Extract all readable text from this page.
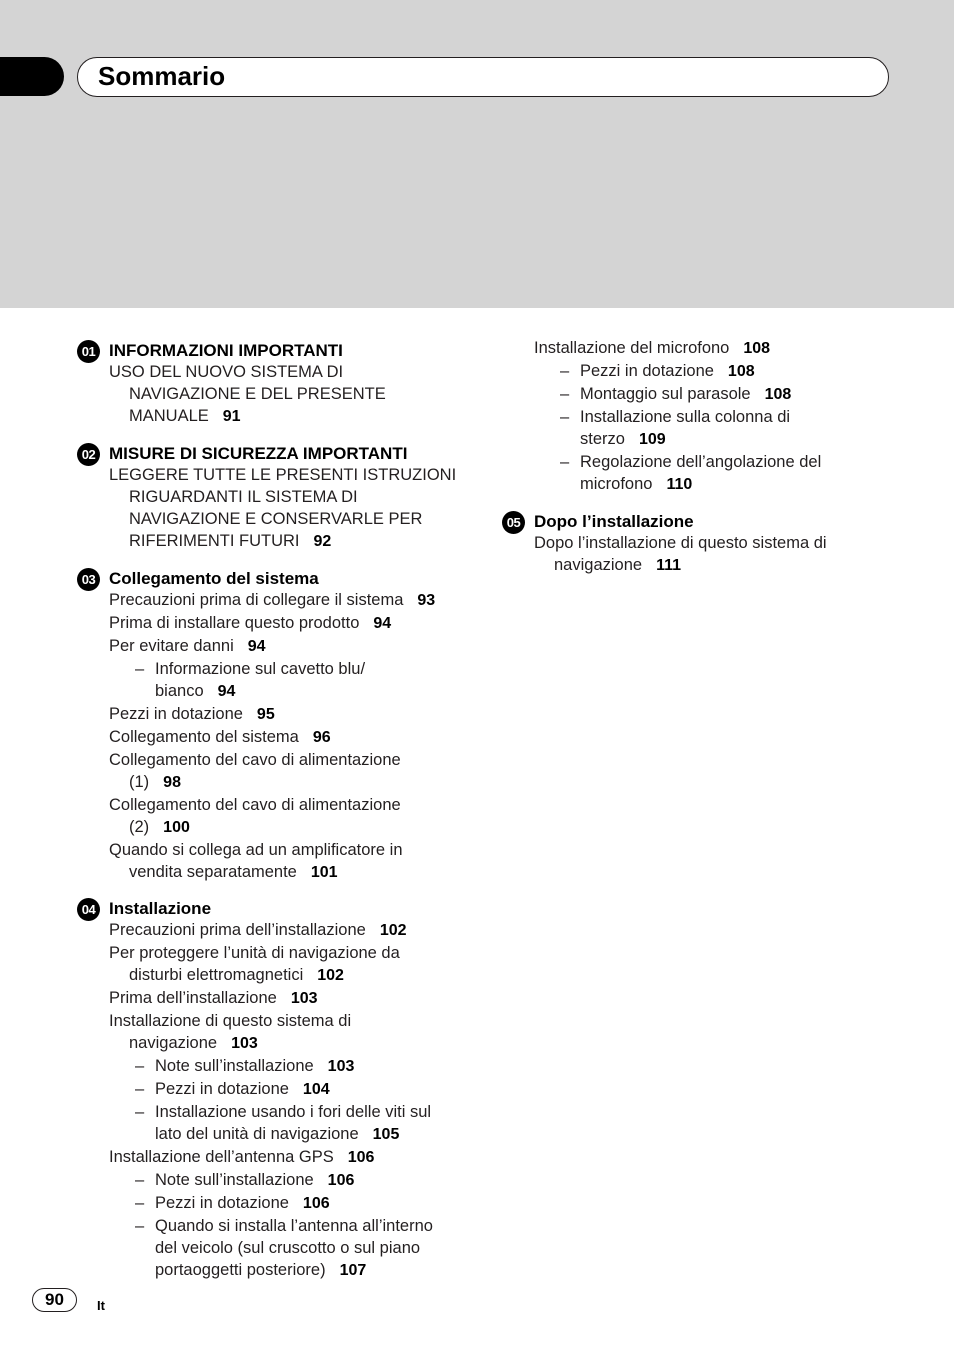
Sommario
01 INFORMAZIONI IMPORTANTI
USO DEL NUOVO SISTEMA DI
NAVIGAZIONE E DEL PRESENTE
MANUALE 91
02 MISURE DI SICUREZZA IMPORTANTI
LEGGERE TUTTE LE PRESENTI ISTRUZIONI
RIGUARDANTI IL SISTEMA DI
NAVIGAZIONE E CONSERVARLE PER
RIFERIMENTI FUTURI 92
03 Collegamento del sistema
Precauzioni prima di collegare il sistema 93
Prima di installare questo prodotto 94
Per evitare danni 94
– Informazione sul cavetto blu/
bianco 94
Pezzi in dotazione 95
Collegamento del sistema 96
Collegamento del cavo di alimentazione
(1) 98
Collegamento del cavo di alimentazione
(2) 100
Quando si collega ad un amplificatore in
vendita separatamente 101
04 Installazione
Precauzioni prima dell’installazione 102
Per proteggere l’unità di navigazione da
disturbi elettromagnetici 102
Prima dell’installazione 103
Installazione di questo sistema di
navigazione 103
– Note sull’installazione 103
– Pezzi in dotazione 104
– Installazione usando i fori delle viti sul
lato del unità di navigazione 105
Installazione dell’antenna GPS 106
– Note sull’installazione 106
– Pezzi in dotazione 106
– Quando si installa l’antenna all’interno
del veicolo (sul cruscotto o sul piano
portaoggetti posteriore) 107
Installazione del microfono 108
– Pezzi in dotazione 108
– Montaggio sul parasole 108
– Installazione sulla colonna di
sterzo 109
– Regolazione dell’angolazione del
microfono 110
05 Dopo l’installazione
Dopo l’installazione di questo sistema di
navigazione 111
90	It
